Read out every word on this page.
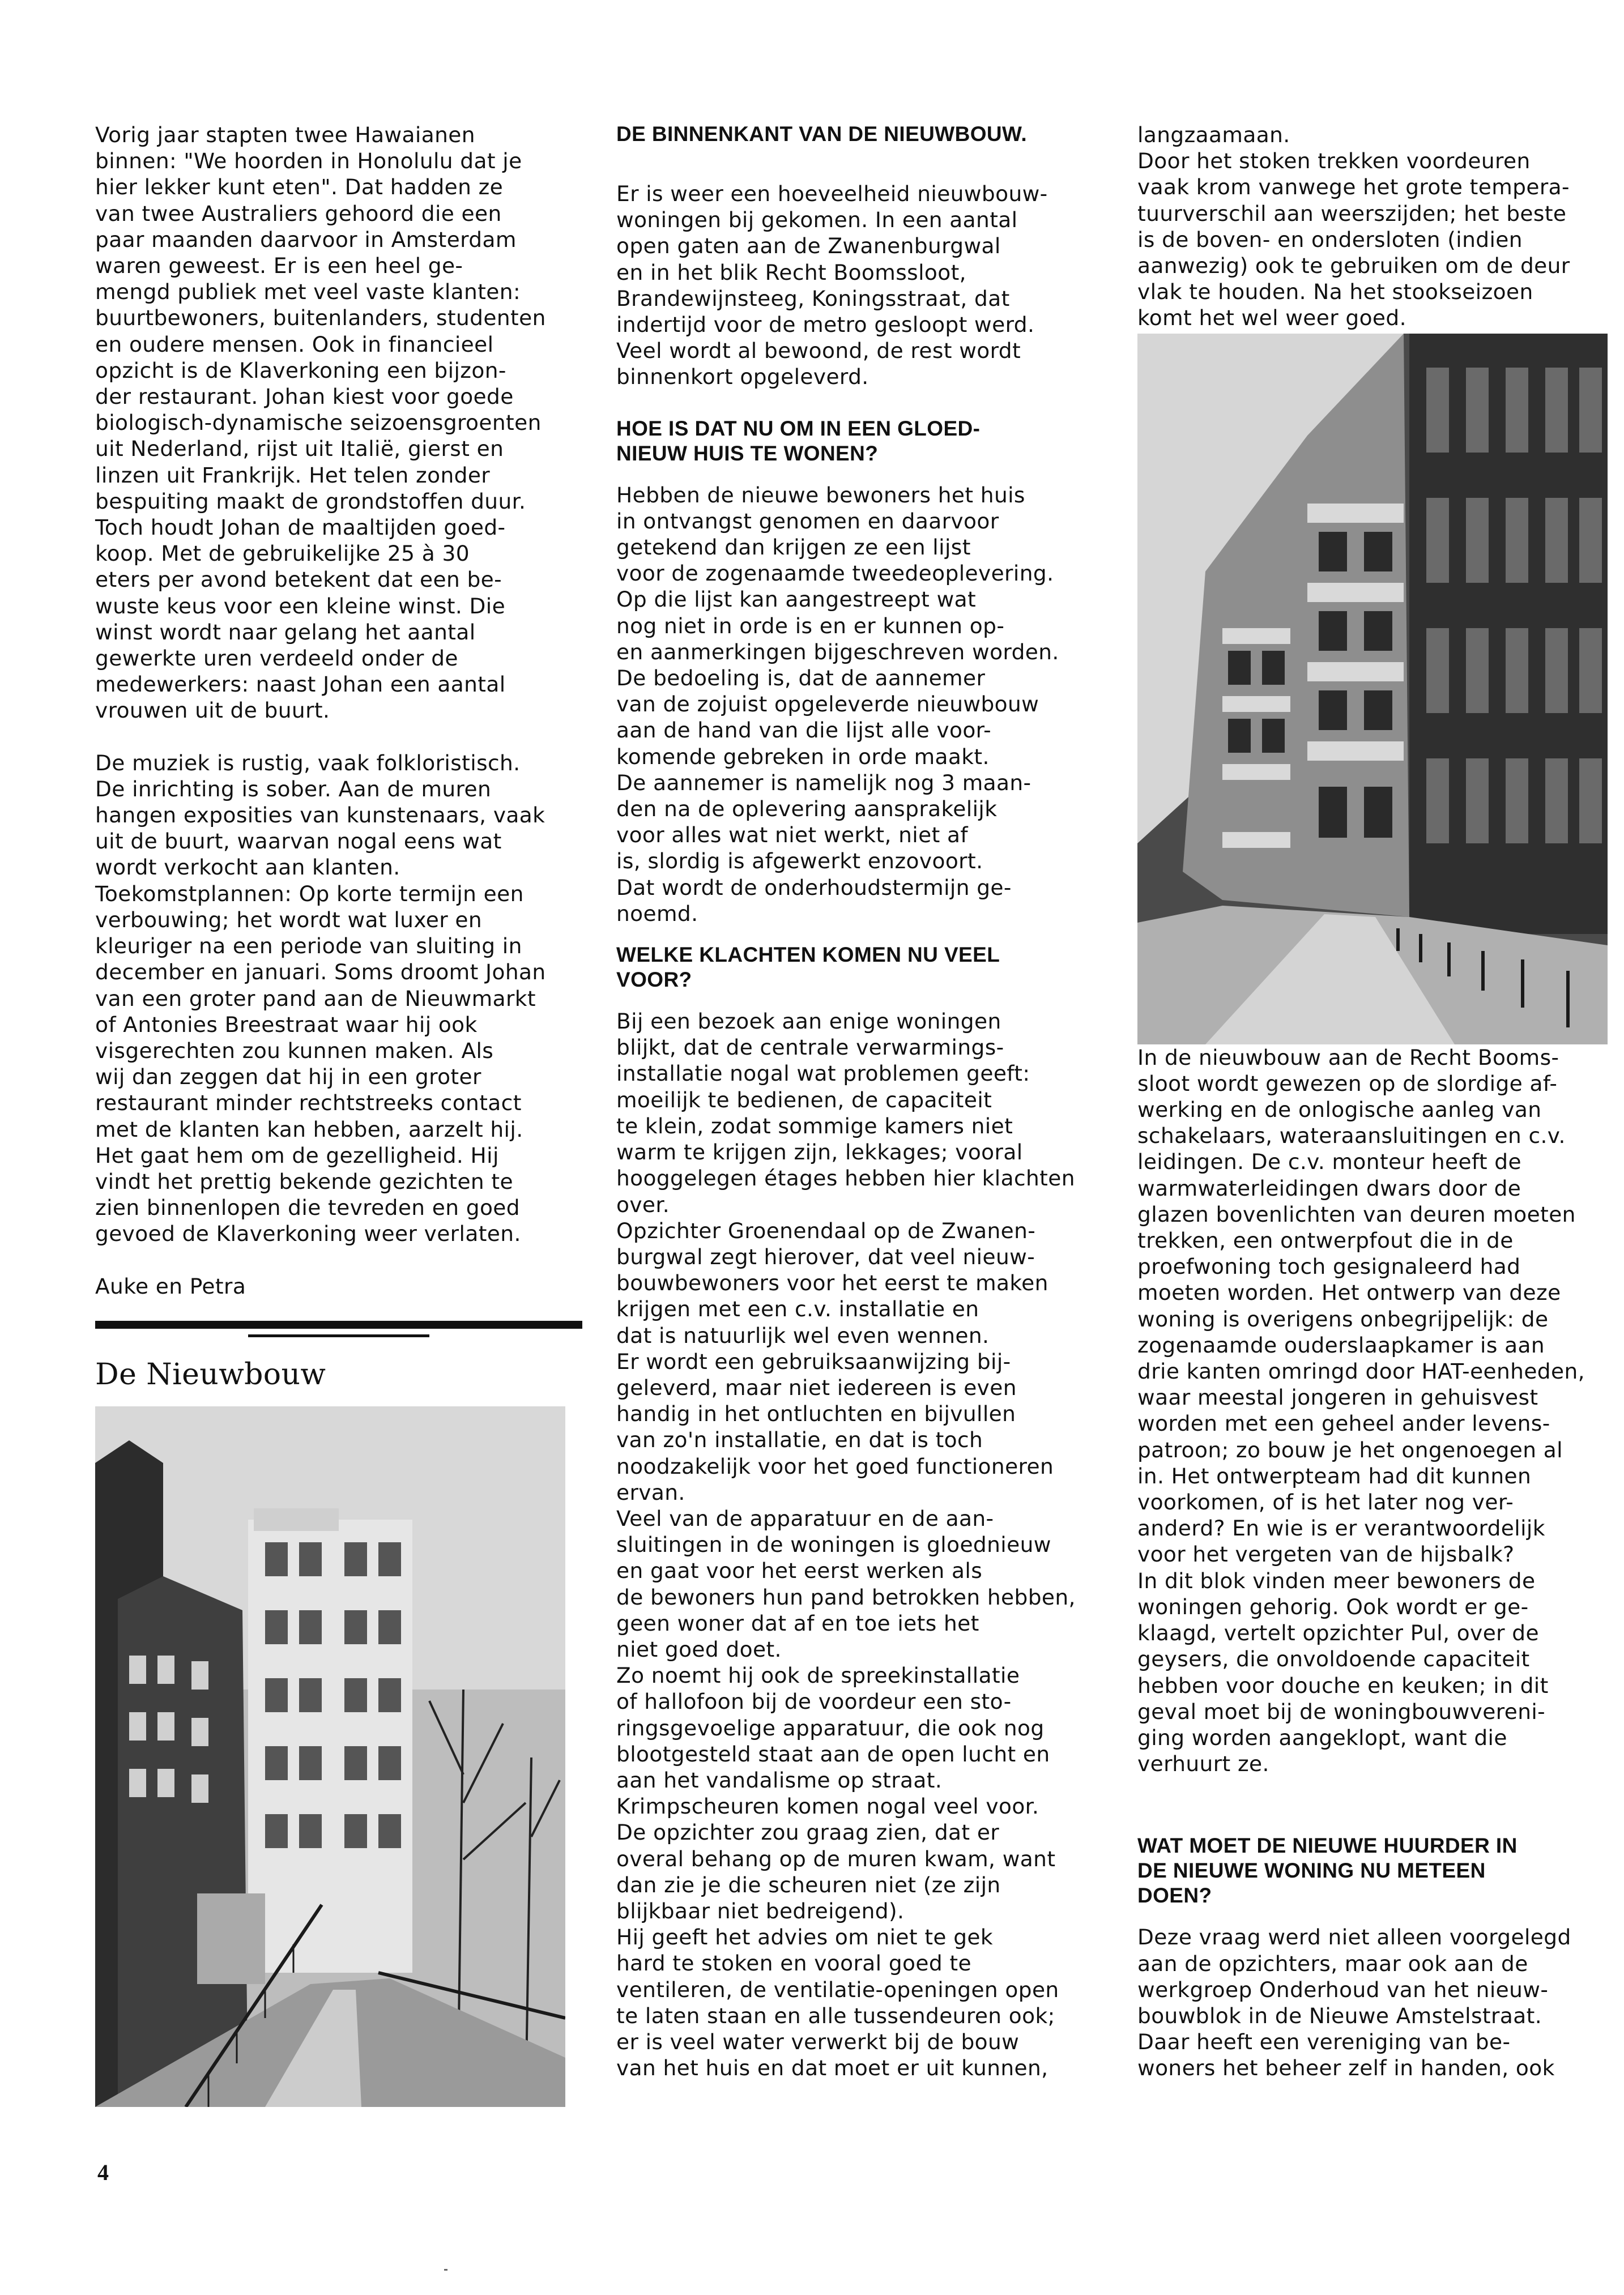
Vorig jaar stapten twee Hawaianen
binnen: "We hoorden in Honolulu dat je
hier lekker kunt eten". Dat hadden ze
van twee Australiers gehoord die een
paar maanden daarvoor in Amsterdam
waren geweest. Er is een heel ge-
mengd publiek met veel vaste klanten:
buurtbewoners, buitenlanders, studenten
en oudere mensen. Ook in financieel
opzicht is de Klaverkoning een bijzon-
der restaurant. Johan kiest voor goede
biologisch-dynamische seizoensgroenten
uit Nederland, rijst uit Italië, gierst en
linzen uit Frankrijk. Het telen zonder
bespuiting maakt de grondstoffen duur.
Toch houdt Johan de maaltijden goed-
koop. Met de gebruikelijke 25 à 30
eters per avond betekent dat een be-
wuste keus voor een kleine winst. Die
winst wordt naar gelang het aantal
gewerkte uren verdeeld onder de
medewerkers: naast Johan een aantal
vrouwen uit de buurt.
De muziek is rustig, vaak folkloristisch.
De inrichting is sober. Aan de muren
hangen exposities van kunstenaars, vaak
uit de buurt, waarvan nogal eens wat
wordt verkocht aan klanten.
Toekomstplannen: Op korte termijn een
verbouwing; het wordt wat luxer en
kleuriger na een periode van sluiting in
december en januari. Soms droomt Johan
van een groter pand aan de Nieuwmarkt
of Antonies Breestraat waar hij ook
visgerechten zou kunnen maken. Als
wij dan zeggen dat hij in een groter
restaurant minder rechtstreeks contact
met de klanten kan hebben, aarzelt hij.
Het gaat hem om de gezelligheid. Hij
vindt het prettig bekende gezichten te
zien binnenlopen die tevreden en goed
gevoed de Klaverkoning weer verlaten.

Auke en Petra

De Nieuwbouw
DE BINNENKANT VAN DE NIEUWBOUW.
Er is weer een hoeveelheid nieuwbouw-
woningen bij gekomen. In een aantal
open gaten aan de Zwanenburgwal
en in het blik Recht Boomssloot,
Brandewijnsteeg, Koningsstraat, dat
indertijd voor de metro gesloopt werd.
Veel wordt al bewoond, de rest wordt
binnenkort opgeleverd.
HOE IS DAT NU OM IN EEN GLOED-
NIEUW HUIS TE WONEN?
Hebben de nieuwe bewoners het huis
in ontvangst genomen en daarvoor
getekend dan krijgen ze een lijst
voor de zogenaamde tweedeoplevering.
Op die lijst kan aangestreept wat
nog niet in orde is en er kunnen op-
en aanmerkingen bijgeschreven worden.
De bedoeling is, dat de aannemer
van de zojuist opgeleverde nieuwbouw
aan de hand van die lijst alle voor-
komende gebreken in orde maakt.
De aannemer is namelijk nog 3 maan-
den na de oplevering aansprakelijk
voor alles wat niet werkt, niet af
is, slordig is afgewerkt enzovoort.
Dat wordt de onderhoudstermijn ge-
noemd.
WELKE KLACHTEN KOMEN NU VEEL
VOOR?
Bij een bezoek aan enige woningen
blijkt, dat de centrale verwarmings-
installatie nogal wat problemen geeft:
moeilijk te bedienen, de capaciteit
te klein, zodat sommige kamers niet
warm te krijgen zijn, lekkages; vooral
hooggelegen étages hebben hier klachten
over.
Opzichter Groenendaal op de Zwanen-
burgwal zegt hierover, dat veel nieuw-
bouwbewoners voor het eerst te maken
krijgen met een c.v. installatie en
dat is natuurlijk wel even wennen.
Er wordt een gebruiksaanwijzing bij-
geleverd, maar niet iedereen is even
handig in het ontluchten en bijvullen
van zo'n installatie, en dat is toch
noodzakelijk voor het goed functioneren
ervan.
Veel van de apparatuur en de aan-
sluitingen in de woningen is gloednieuw
en gaat voor het eerst werken als
de bewoners hun pand betrokken hebben,
geen woner dat af en toe iets het
niet goed doet.
Zo noemt hij ook de spreekinstallatie
of hallofoon bij de voordeur een sto-
ringsgevoelige apparatuur, die ook nog
blootgesteld staat aan de open lucht en
aan het vandalisme op straat.
Krimpscheuren komen nogal veel voor.
De opzichter zou graag zien, dat er
overal behang op de muren kwam, want
dan zie je die scheuren niet (ze zijn
blijkbaar niet bedreigend).
Hij geeft het advies om niet te gek
hard te stoken en vooral goed te
ventileren, de ventilatie-openingen open
te laten staan en alle tussendeuren ook;
er is veel water verwerkt bij de bouw
van het huis en dat moet er uit kunnen,
langzaamaan.
Door het stoken trekken voordeuren
vaak krom vanwege het grote tempera-
tuurverschil aan weerszijden; het beste
is de boven- en ondersloten (indien
aanwezig) ook te gebruiken om de deur
vlak te houden. Na het stookseizoen
komt het wel weer goed.
In de nieuwbouw aan de Recht Booms-
sloot wordt gewezen op de slordige af-
werking en de onlogische aanleg van
schakelaars, wateraansluitingen en c.v.
leidingen. De c.v. monteur heeft de
warmwaterleidingen dwars door de
glazen bovenlichten van deuren moeten
trekken, een ontwerpfout die in de
proefwoning toch gesignaleerd had
moeten worden. Het ontwerp van deze
woning is overigens onbegrijpelijk: de
zogenaamde ouderslaapkamer is aan
drie kanten omringd door HAT-eenheden,
waar meestal jongeren in gehuisvest
worden met een geheel ander levens-
patroon; zo bouw je het ongenoegen al
in. Het ontwerpteam had dit kunnen
voorkomen, of is het later nog ver-
anderd? En wie is er verantwoordelijk
voor het vergeten van de hijsbalk?
In dit blok vinden meer bewoners de
woningen gehorig. Ook wordt er ge-
klaagd, vertelt opzichter Pul, over de
geysers, die onvoldoende capaciteit
hebben voor douche en keuken; in dit
geval moet bij de woningbouwvereni-
ging worden aangeklopt, want die
verhuurt ze.
WAT MOET DE NIEUWE HUURDER IN
DE NIEUWE WONING NU METEEN
DOEN?
Deze vraag werd niet alleen voorgelegd
aan de opzichters, maar ook aan de
werkgroep Onderhoud van het nieuw-
bouwblok in de Nieuwe Amstelstraat.
Daar heeft een vereniging van be-
woners het beheer zelf in handen, ook
4
